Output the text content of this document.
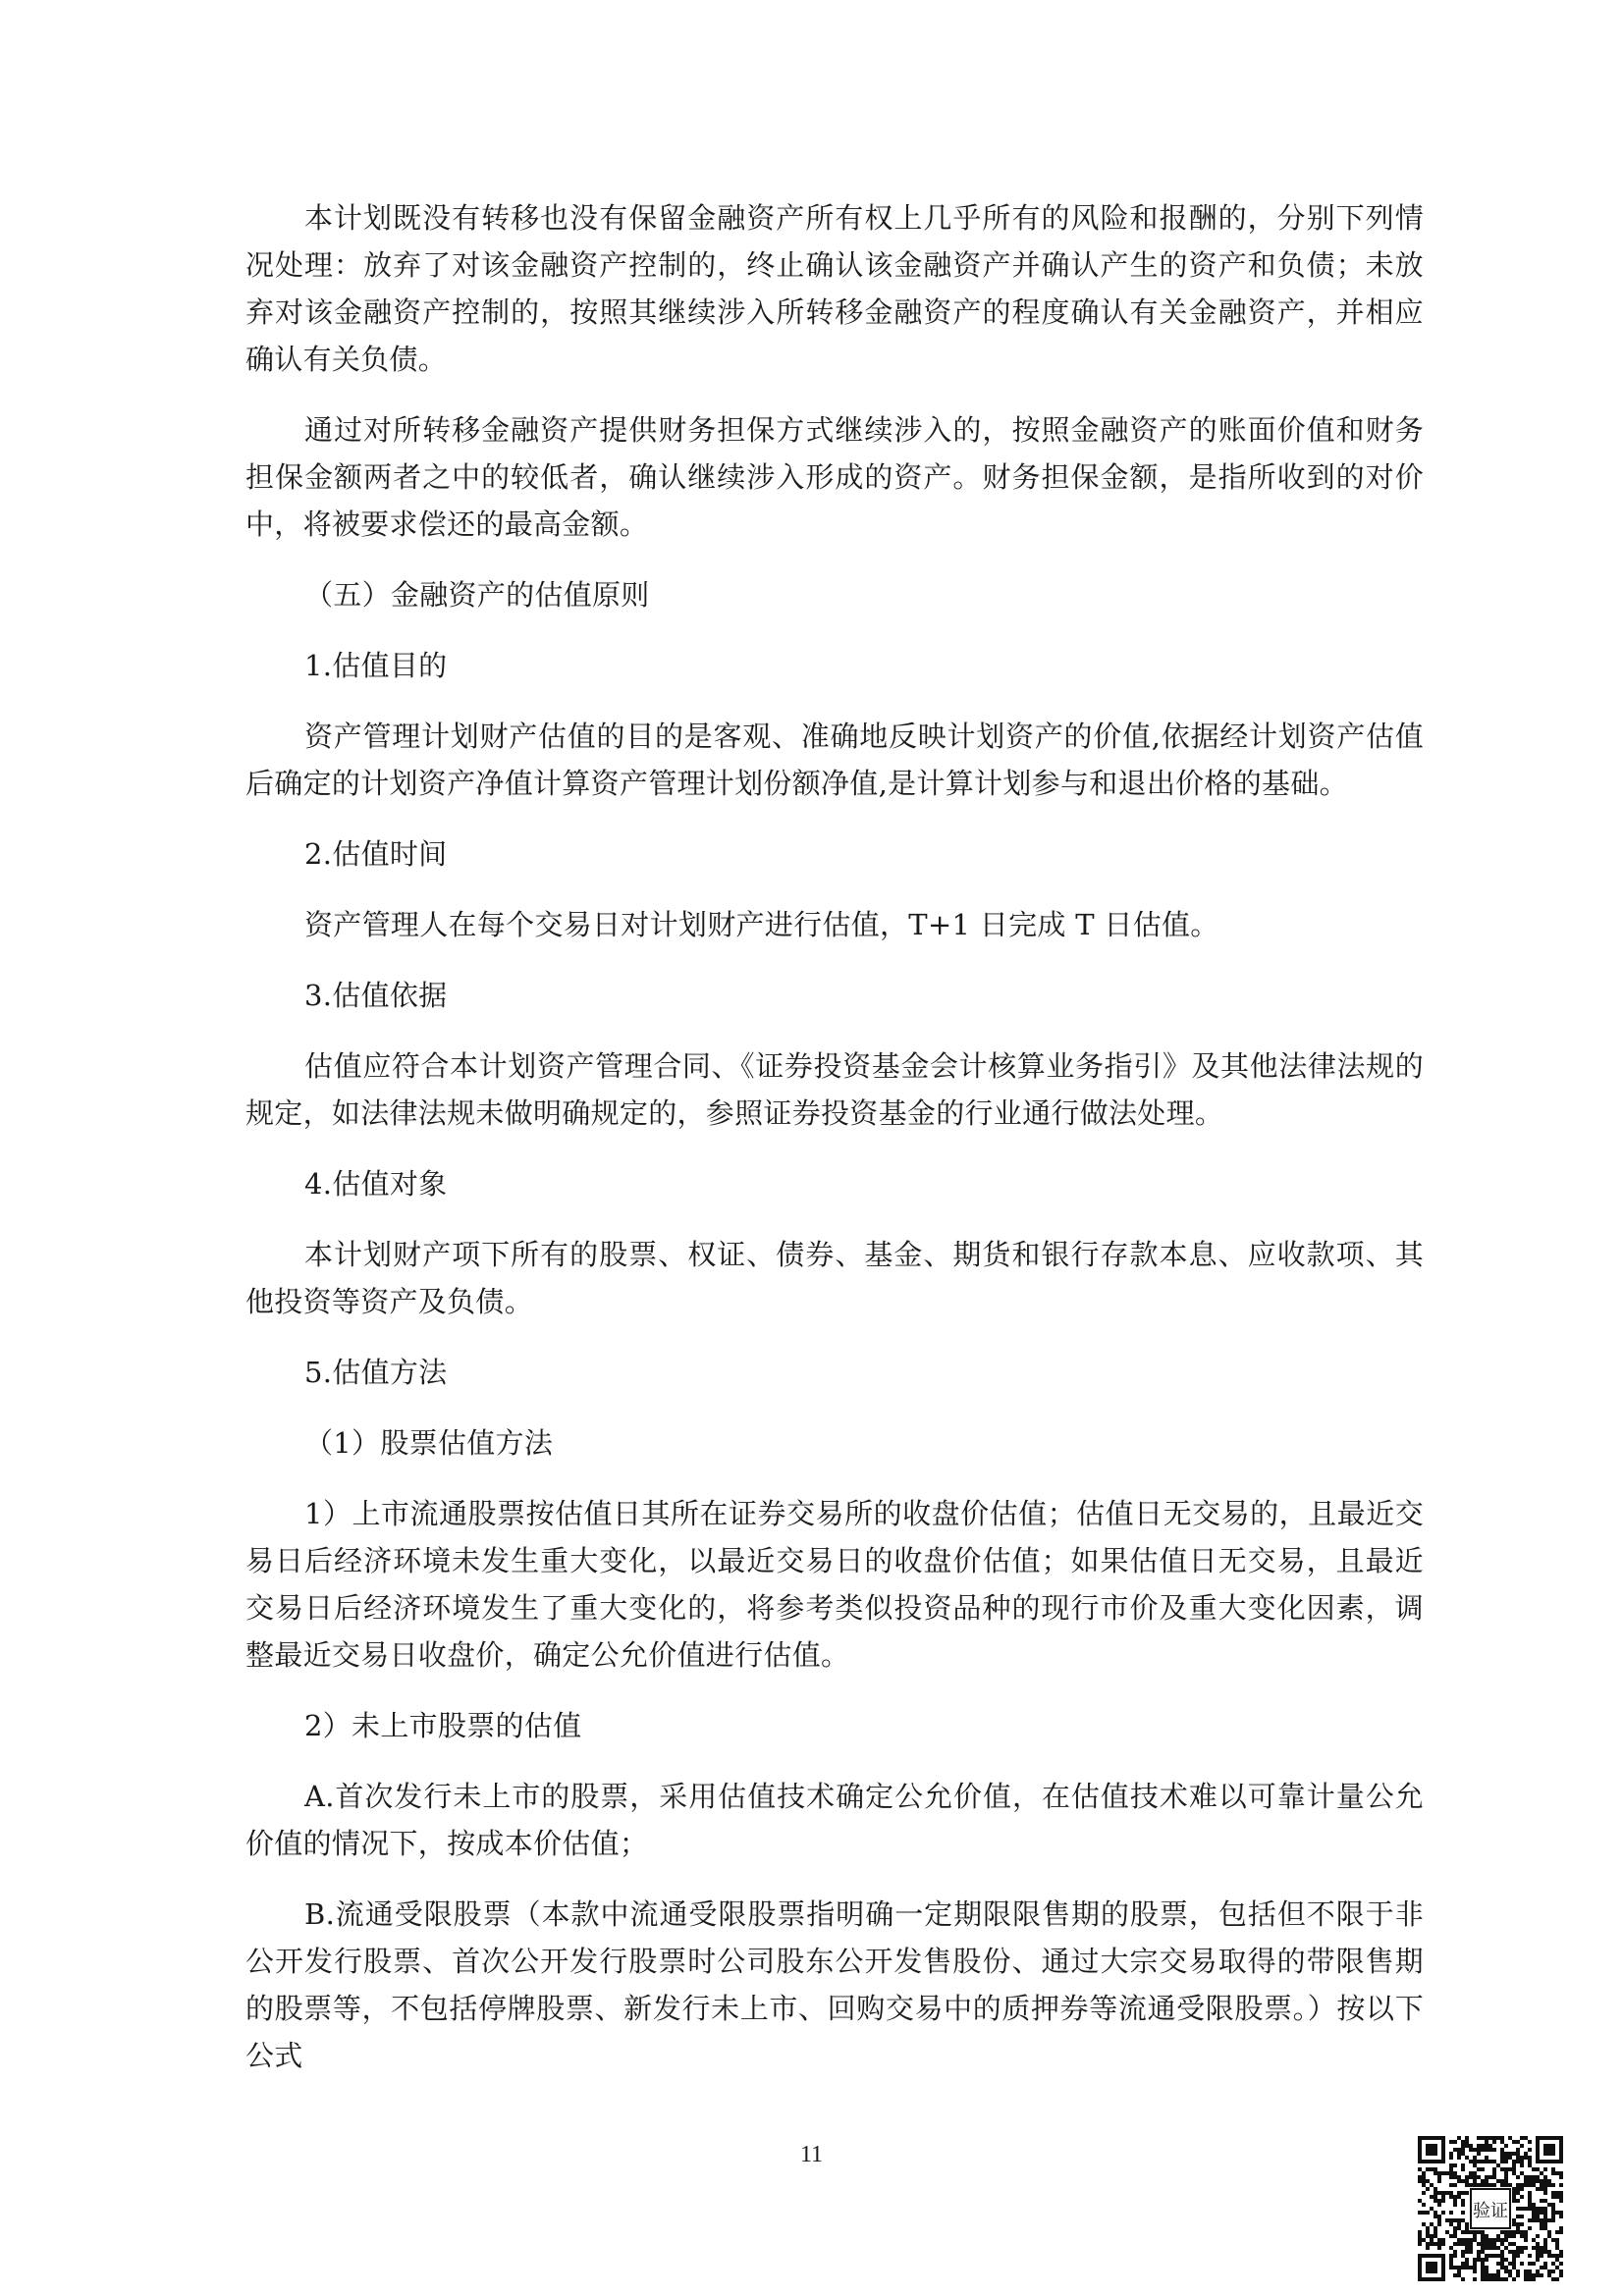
本计划既没有转移也没有保留金融资产所有权上几乎所有的风险和报酬的，分别下列情况处理：放弃了对该金融资产控制的，终止确认该金融资产并确认产生的资产和负债；未放弃对该金融资产控制的，按照其继续涉入所转移金融资产的程度确认有关金融资产，并相应确认有关负债。

通过对所转移金融资产提供财务担保方式继续涉入的，按照金融资产的账面价值和财务担保金额两者之中的较低者，确认继续涉入形成的资产。财务担保金额，是指所收到的对价中，将被要求偿还的最高金额。

（五）金融资产的估值原则

1.估值目的

资产管理计划财产估值的目的是客观、准确地反映计划资产的价值,依据经计划资产估值后确定的计划资产净值计算资产管理计划份额净值,是计算计划参与和退出价格的基础。

2.估值时间

资产管理人在每个交易日对计划财产进行估值，T+1 日完成 T 日估值。

3.估值依据

估值应符合本计划资产管理合同、《证券投资基金会计核算业务指引》及其他法律法规的规定，如法律法规未做明确规定的，参照证券投资基金的行业通行做法处理。

4.估值对象

本计划财产项下所有的股票、权证、债券、基金、期货和银行存款本息、应收款项、其他投资等资产及负债。

5.估值方法

（1）股票估值方法

1）上市流通股票按估值日其所在证券交易所的收盘价估值；估值日无交易的，且最近交易日后经济环境未发生重大变化，以最近交易日的收盘价估值；如果估值日无交易，且最近交易日后经济环境发生了重大变化的，将参考类似投资品种的现行市价及重大变化因素，调整最近交易日收盘价，确定公允价值进行估值。

2）未上市股票的估值

A.首次发行未上市的股票，采用估值技术确定公允价值，在估值技术难以可靠计量公允价值的情况下，按成本价估值；

B.流通受限股票（本款中流通受限股票指明确一定期限限售期的股票，包括但不限于非公开发行股票、首次公开发行股票时公司股东公开发售股份、通过大宗交易取得的带限售期的股票等，不包括停牌股票、新发行未上市、回购交易中的质押券等流通受限股票。）按以下公式

11
验证
